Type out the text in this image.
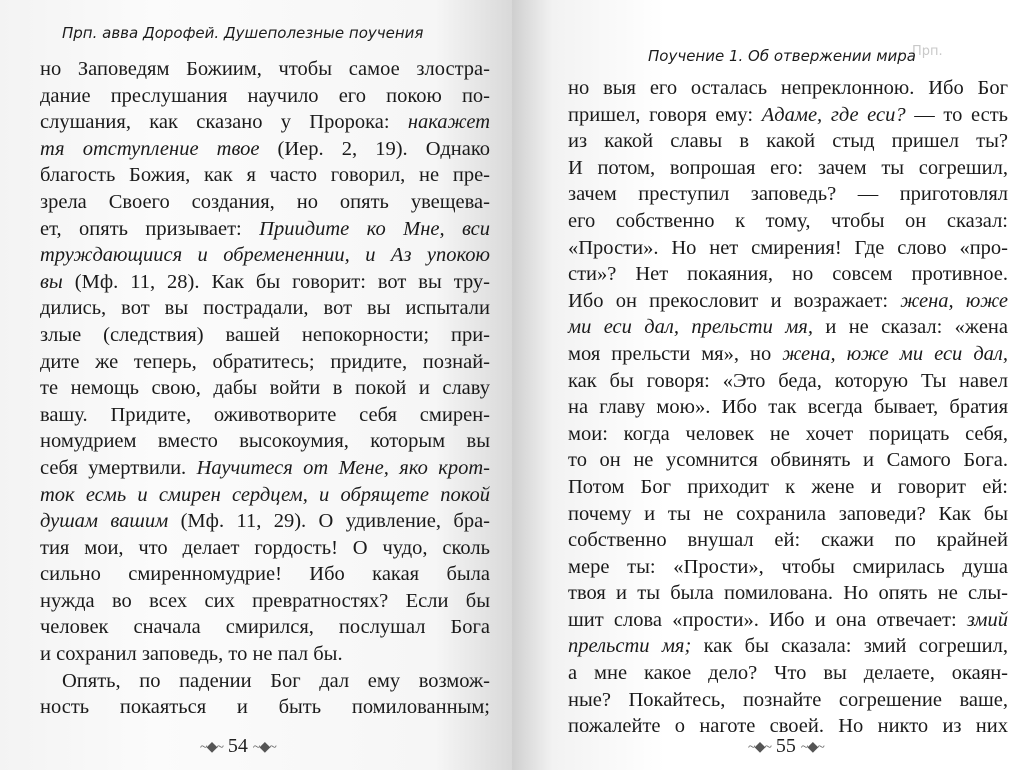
Прп. авва Дорофей. Душеполезные поучения
но Заповедям Божиим, чтобы самое злостра-
дание преслушания научило его покою по-
слушания, как сказано у Пророка: накажет
тя отступление твое (Иер. 2, 19). Однако
благость Божия, как я часто говорил, не пре-
зрела Своего создания, но опять увещева-
ет, опять призывает: Приидите ко Мне, вси
труждающиися и обремененнии, и Аз упокою
вы (Мф. 11, 28). Как бы говорит: вот вы тру-
дились, вот вы пострадали, вот вы испытали
злые (следствия) вашей непокорности; при-
дите же теперь, обратитесь; придите, познай-
те немощь свою, дабы войти в покой и славу
вашу. Придите, оживотворите себя смирен-
номудрием вместо высокоумия, которым вы
себя умертвили. Научитеся от Мене, яко крот-
ток есмь и смирен сердцем, и обрящете покой
душам вашим (Мф. 11, 29). О удивление, бра-
тия мои, что делает гордость! О чудо, сколь
сильно смиренномудрие! Ибо какая была
нужда во всех сих превратностях? Если бы
человек сначала смирился, послушал Бога
и сохранил заповедь, то не пал бы.
Опять, по падении Бог дал ему возмож-
ность покаяться и быть помилованным;
~◆~ 54 ~◆~
Прп.
Поучение 1. Об отвержении мира
но выя его осталась непреклонною. Ибо Бог
пришел, говоря ему: Адаме, где еси? — то есть
из какой славы в какой стыд пришел ты?
И потом, вопрошая его: зачем ты согрешил,
зачем преступил заповедь? — приготовлял
его собственно к тому, чтобы он сказал:
«Прости». Но нет смирения! Где слово «про-
сти»? Нет покаяния, но совсем противное.
Ибо он прекословит и возражает: жена, юже
ми еси дал, прельсти мя, и не сказал: «жена
моя прельсти мя», но жена, юже ми еси дал,
как бы говоря: «Это беда, которую Ты навел
на главу мою». Ибо так всегда бывает, братия
мои: когда человек не хочет порицать себя,
то он не усомнится обвинять и Самого Бога.
Потом Бог приходит к жене и говорит ей:
почему и ты не сохранила заповеди? Как бы
собственно внушал ей: скажи по крайней
мере ты: «Прости», чтобы смирилась душа
твоя и ты была помилована. Но опять не слы-
шит слова «прости». Ибо и она отвечает: змий
прельсти мя; как бы сказала: змий согрешил,
а мне какое дело? Что вы делаете, окаян-
ные? Покайтесь, познайте согрешение ваше,
пожалейте о наготе своей. Но никто из них
~◆~ 55 ~◆~
